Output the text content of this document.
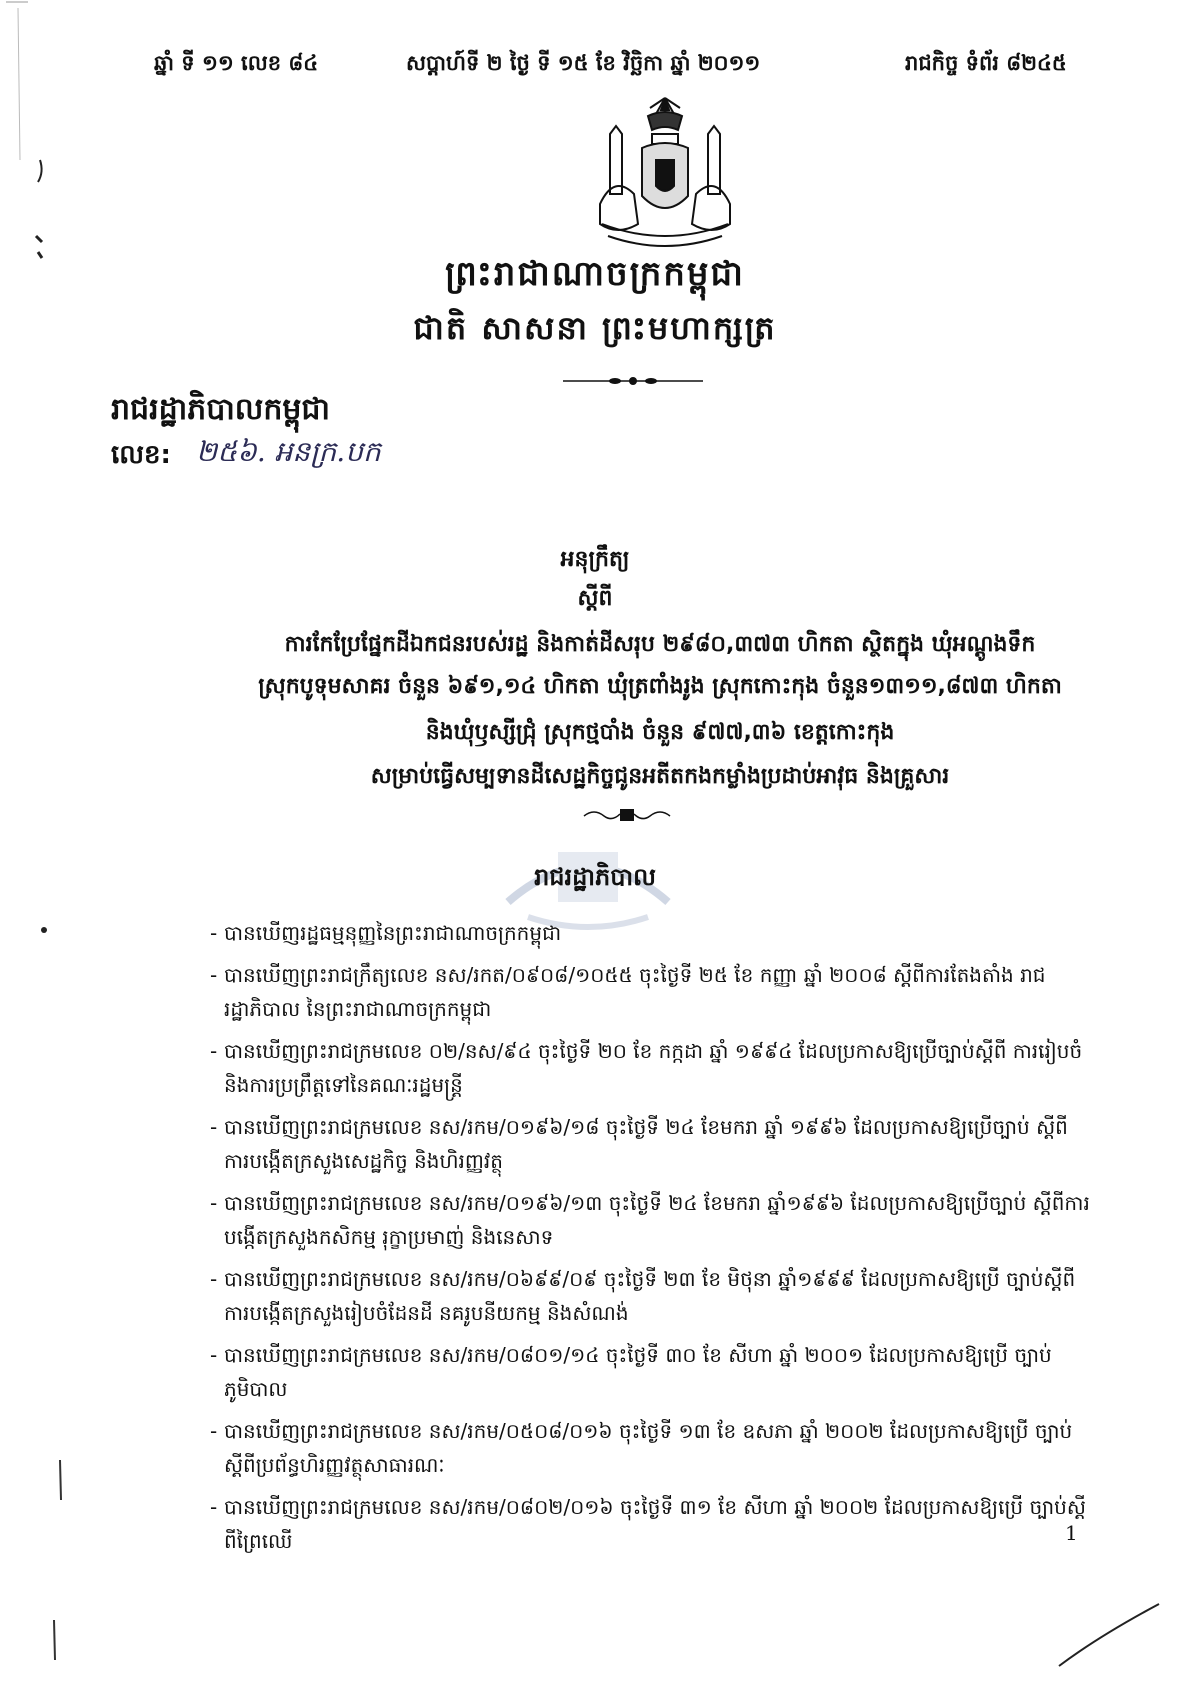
ឆ្នាំ ទី ១១ លេខ ៨៤	សប្តាហ៍ទី ២ ថ្ងៃ ទី ១៥ ខែ វិច្ឆិកា ឆ្នាំ ២០១១	រាជកិច្ច ទំព័រ ៨២៤៥
ព្រះរាជាណាចក្រកម្ពុជា
ជាតិ សាសនា ព្រះមហាក្សត្រ
រាជរដ្ឋាភិបាលកម្ពុជា
លេខ: ២៥៦. អនក្រ.បក
អនុក្រឹត្យ
ស្តីពី
ការកែប្រែផ្នែកដីឯកជនរបស់រដ្ឋ និងកាត់ដីសរុប ២៩៨០,៣៧៣ ហិកតា ស្ថិតក្នុង ឃុំអណ្តូងទឹក
ស្រុកបូទុមសាគរ ចំនួន ៦៩១,១៤ ហិកតា ឃុំត្រពាំងរូង ស្រុកកោះកុង ចំនួន១៣១១,៨៧៣ ហិកតា
និងឃុំឫស្សីជ្រុំ ស្រុកថ្មបាំង ចំនួន ៩៧៧,៣៦ ខេត្តកោះកុង
សម្រាប់ធ្វើសម្បទានដីសេដ្ឋកិច្ចជូនអតីតកងកម្លាំងប្រដាប់អាវុធ និងគ្រួសារ
រាជរដ្ឋាភិបាល
- បានឃើញរដ្ឋធម្មនុញ្ញនៃព្រះរាជាណាចក្រកម្ពុជា
- បានឃើញព្រះរាជក្រឹត្យលេខ នស/រកត/០៩០៨/១០៥៥ ចុះថ្ងៃទី ២៥ ខែ កញ្ញា ឆ្នាំ ២០០៨ ស្តីពីការតែងតាំង រាជរដ្ឋាភិបាល នៃព្រះរាជាណាចក្រកម្ពុជា
- បានឃើញព្រះរាជក្រមលេខ ០២/នស/៩៤ ចុះថ្ងៃទី ២០ ខែ កក្កដា ឆ្នាំ ១៩៩៤ ដែលប្រកាសឱ្យប្រើច្បាប់ស្តីពី ការរៀបចំ និងការប្រព្រឹត្តទៅនៃគណៈរដ្ឋមន្ត្រី
- បានឃើញព្រះរាជក្រមលេខ នស/រកម/០១៩៦/១៨ ចុះថ្ងៃទី ២៤ ខែមករា ឆ្នាំ ១៩៩៦ ដែលប្រកាសឱ្យប្រើច្បាប់ ស្តីពី ការបង្កើតក្រសួងសេដ្ឋកិច្ច និងហិរញ្ញវត្ថុ
- បានឃើញព្រះរាជក្រមលេខ នស/រកម/០១៩៦/១៣ ចុះថ្ងៃទី ២៤ ខែមករា ឆ្នាំ១៩៩៦ ដែលប្រកាសឱ្យប្រើច្បាប់ ស្តីពីការបង្កើតក្រសួងកសិកម្ម រុក្ខាប្រមាញ់ និងនេសាទ
- បានឃើញព្រះរាជក្រមលេខ នស/រកម/០៦៩៩/០៩ ចុះថ្ងៃទី ២៣ ខែ មិថុនា ឆ្នាំ១៩៩៩ ដែលប្រកាសឱ្យប្រើ ច្បាប់ស្តីពីការបង្កើតក្រសួងរៀបចំដែនដី នគរូបនីយកម្ម និងសំណង់
- បានឃើញព្រះរាជក្រមលេខ នស/រកម/០៨០១/១៤ ចុះថ្ងៃទី ៣០ ខែ សីហា ឆ្នាំ ២០០១ ដែលប្រកាសឱ្យប្រើ ច្បាប់ភូមិបាល
- បានឃើញព្រះរាជក្រមលេខ នស/រកម/០៥០៨/០១៦ ចុះថ្ងៃទី ១៣ ខែ ឧសភា ឆ្នាំ ២០០២ ដែលប្រកាសឱ្យប្រើ ច្បាប់ស្តីពីប្រព័ន្ធហិរញ្ញវត្ថុសាធារណៈ
- បានឃើញព្រះរាជក្រមលេខ នស/រកម/០៨០២/០១៦ ចុះថ្ងៃទី ៣១ ខែ សីហា ឆ្នាំ ២០០២ ដែលប្រកាសឱ្យប្រើ ច្បាប់ស្តីពីព្រៃឈើ	1
